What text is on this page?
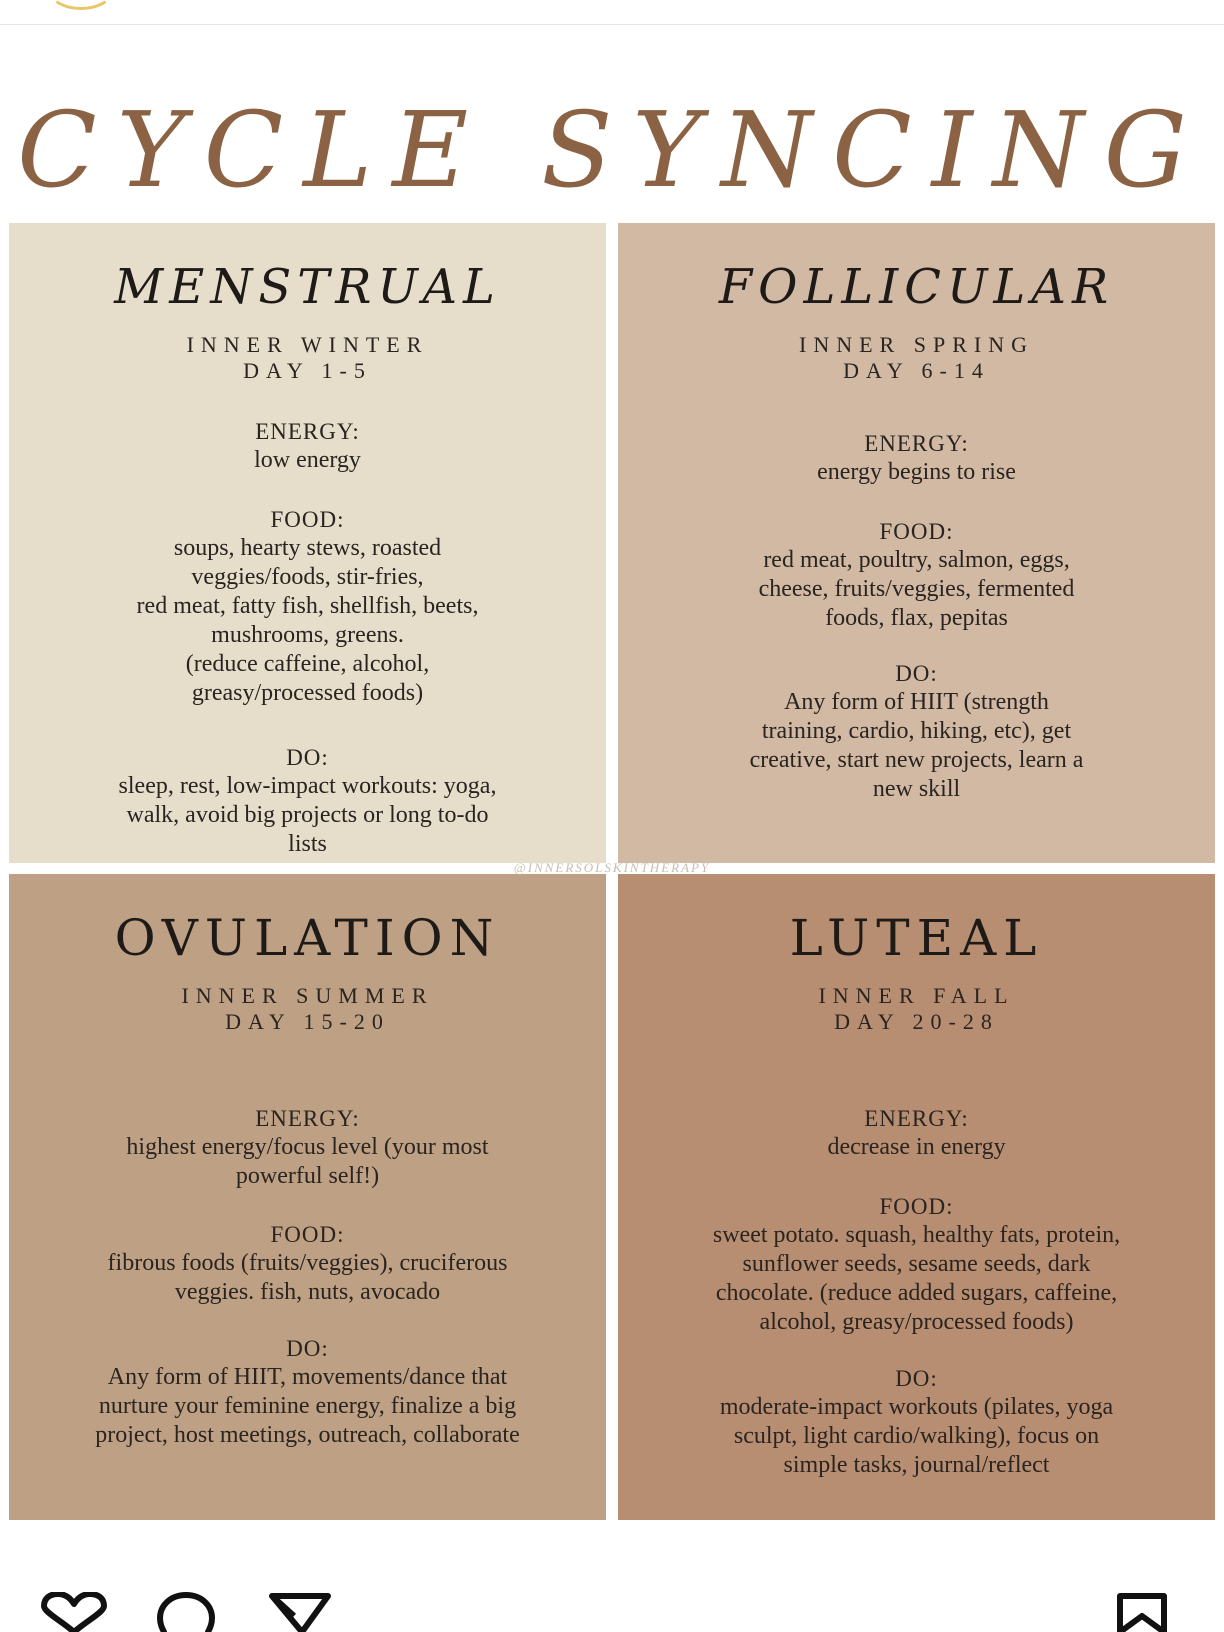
CYCLE SYNCING
MENSTRUAL
INNER WINTER
DAY 1-5
ENERGY:
low energy
FOOD:
soups, hearty stews, roasted
veggies/foods, stir-fries,
red meat, fatty fish, shellfish, beets,
mushrooms, greens.
(reduce caffeine, alcohol,
greasy/processed foods)
DO:
sleep, rest, low-impact workouts: yoga,
walk, avoid big projects or long to-do
lists
FOLLICULAR
INNER SPRING
DAY 6-14
ENERGY:
energy begins to rise
FOOD:
red meat, poultry, salmon, eggs,
cheese, fruits/veggies, fermented
foods, flax, pepitas
DO:
Any form of HIIT (strength
training, cardio, hiking, etc), get
creative, start new projects, learn a
new skill
OVULATION
INNER SUMMER
DAY 15-20
ENERGY:
highest energy/focus level (your most
powerful self!)
FOOD:
fibrous foods (fruits/veggies), cruciferous
veggies. fish, nuts, avocado
DO:
Any form of HIIT, movements/dance that
nurture your feminine energy, finalize a big
project, host meetings, outreach, collaborate
LUTEAL
INNER FALL
DAY 20-28
ENERGY:
decrease in energy
FOOD:
sweet potato. squash, healthy fats, protein,
sunflower seeds, sesame seeds, dark
chocolate. (reduce added sugars, caffeine,
alcohol, greasy/processed foods)
DO:
moderate-impact workouts (pilates, yoga
sculpt, light cardio/walking), focus on
simple tasks, journal/reflect
@INNERSOLSKINTHERAPY
